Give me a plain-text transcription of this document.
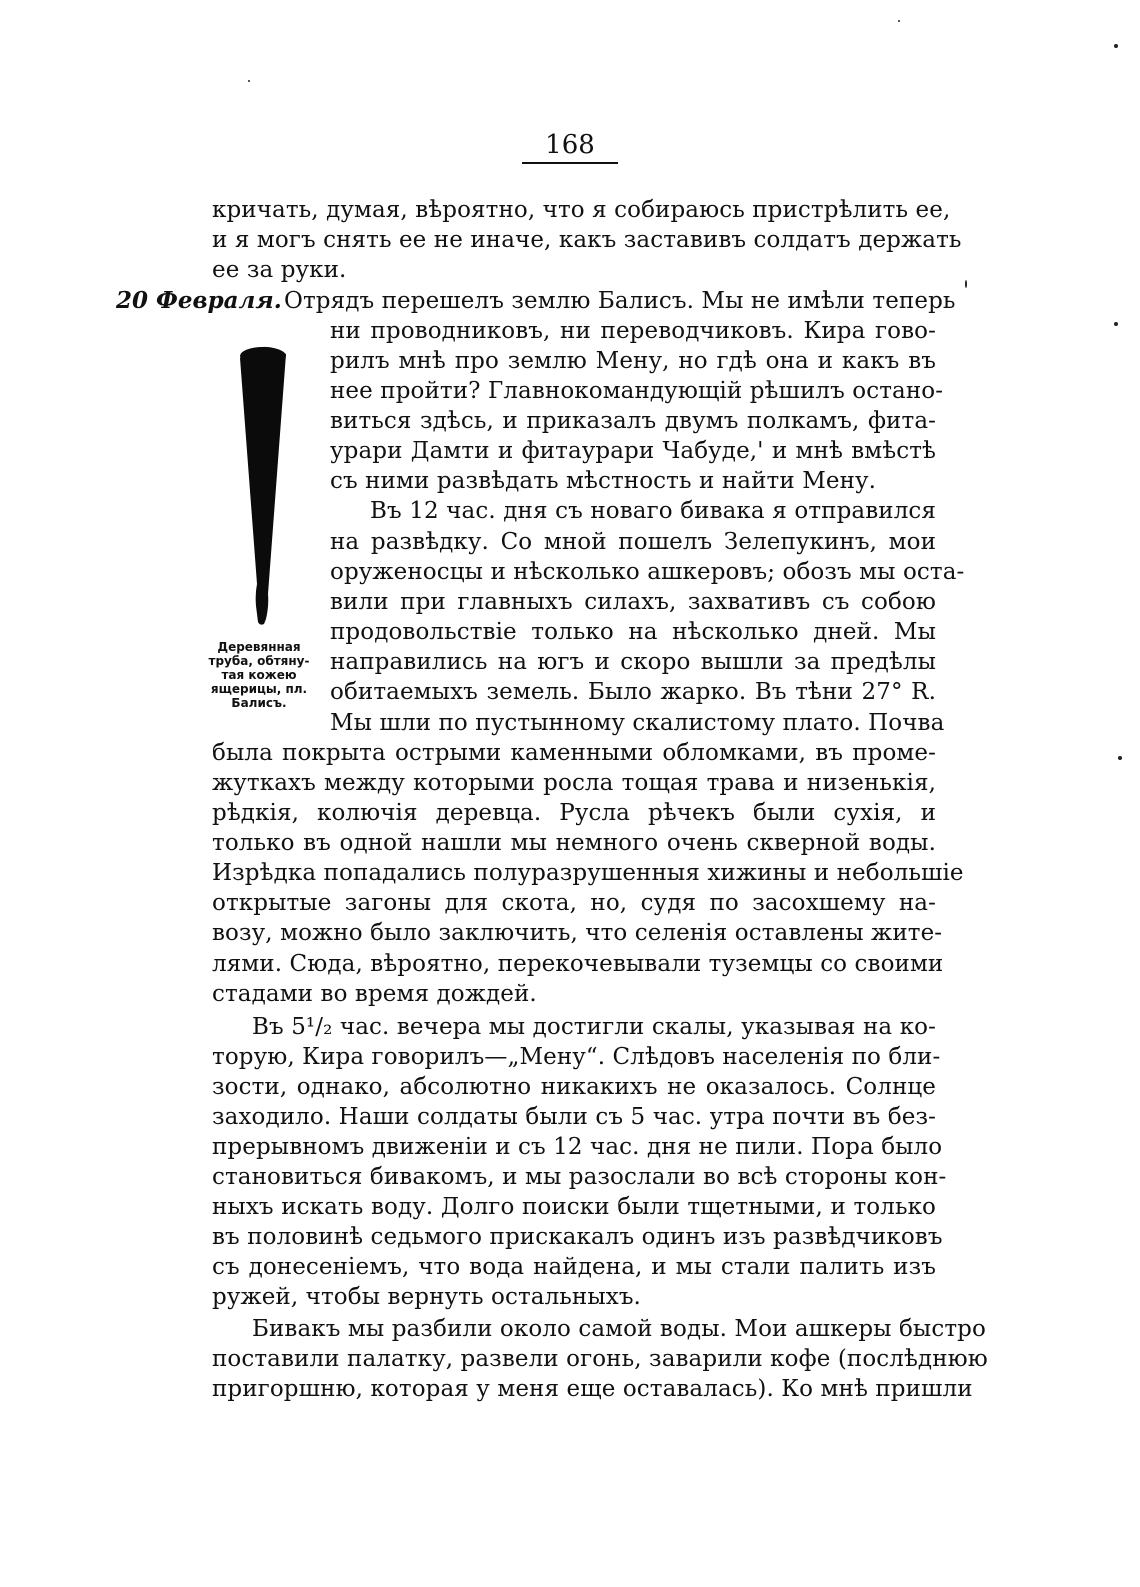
168
кричать, думая, вѣроятно, что я собираюсь пристрѣлить ее,
и я могъ снять ее не иначе, какъ заставивъ солдатъ держать
ее за руки.
20 Февраля. Отрядъ перешелъ землю Балисъ. Мы не имѣли теперь
ни проводниковъ, ни переводчиковъ. Кира гово-
рилъ мнѣ про землю Мену, но гдѣ она и какъ въ
нее пройти? Главнокомандующій рѣшилъ остано-
виться здѣсь, и приказалъ двумъ полкамъ, фита-
урари Дамти и фитаурари Чабуде,' и мнѣ вмѣстѣ
съ ними развѣдать мѣстность и найти Мену.
Въ 12 час. дня съ новаго бивака я отправился
на развѣдку. Со мной пошелъ Зелепукинъ, мои
оруженосцы и нѣсколько ашкеровъ; обозъ мы оста-
вили при главныхъ силахъ, захвативъ съ собою
продовольствіе только на нѣсколько дней. Мы
направились на югъ и скоро вышли за предѣлы
обитаемыхъ земель. Было жарко. Въ тѣни 27° R.
Мы шли по пустынному скалистому плато. Почва
была покрыта острыми каменными обломками, въ проме-
жуткахъ между которыми росла тощая трава и низенькія,
рѣдкія, колючія деревца. Русла рѣчекъ были сухія, и
только въ одной нашли мы немного очень скверной воды.
Изрѣдка попадались полуразрушенныя хижины и небольшіе
открытые загоны для скота, но, судя по засохшему на-
возу, можно было заключить, что селенія оставлены жите-
лями. Сюда, вѣроятно, перекочевывали туземцы со своими
стадами во время дождей.
Въ 5¹/₂ час. вечера мы достигли скалы, указывая на ко-
торую, Кира говорилъ—„Мену“. Слѣдовъ населенія по бли-
зости, однако, абсолютно никакихъ не оказалось. Солнце
заходило. Наши солдаты были съ 5 час. утра почти въ без-
прерывномъ движеніи и съ 12 час. дня не пили. Пора было
становиться бивакомъ, и мы разослали во всѣ стороны кон-
ныхъ искать воду. Долго поиски были тщетными, и только
въ половинѣ седьмого прискакалъ одинъ изъ развѣдчиковъ
съ донесеніемъ, что вода найдена, и мы стали палить изъ
ружей, чтобы вернуть остальныхъ.
Бивакъ мы разбили около самой воды. Мои ашкеры быстро
поставили палатку, развели огонь, заварили кофе (послѣднюю
пригоршню, которая у меня еще оставалась). Ко мнѣ пришли
Деревянная
труба, обтяну-
тая кожею
ящерицы, пл.
Балисъ.
